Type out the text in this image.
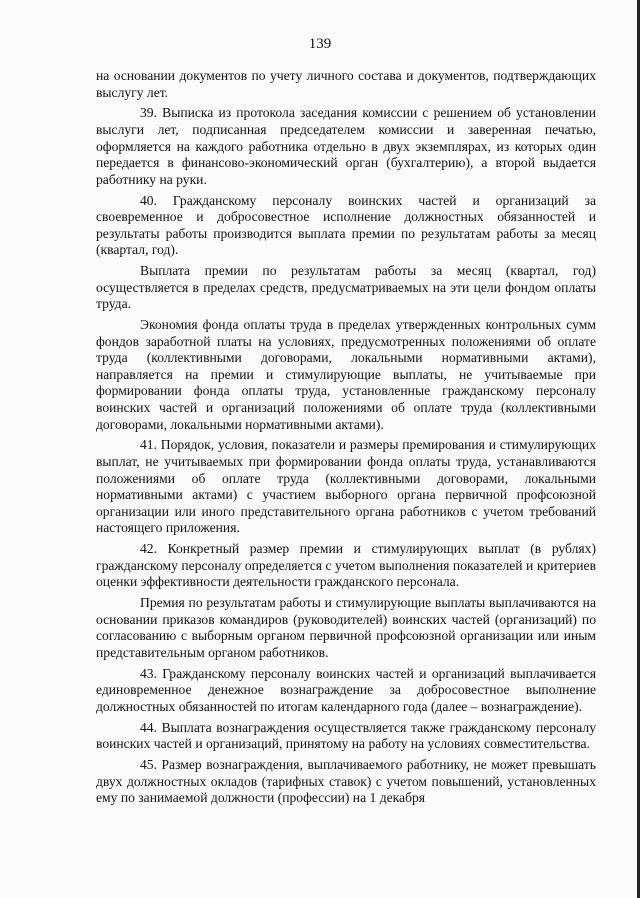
139

на основании документов по учету личного состава и документов, подтверждающих выслугу лет.

39. Выписка из протокола заседания комиссии с решением об установлении выслуги лет, подписанная председателем комиссии и заверенная печатью, оформляется на каждого работника отдельно в двух экземплярах, из которых один передается в финансово-экономический орган (бухгалтерию), а второй выдается работнику на руки.

40. Гражданскому персоналу воинских частей и организаций за своевременное и добросовестное исполнение должностных обязанностей и результаты работы производится выплата премии по результатам работы за месяц (квартал, год).

Выплата премии по результатам работы за месяц (квартал, год) осуществляется в пределах средств, предусматриваемых на эти цели фондом оплаты труда.

Экономия фонда оплаты труда в пределах утвержденных контрольных сумм фондов заработной платы на условиях, предусмотренных положениями об оплате труда (коллективными договорами, локальными нормативными актами), направляется на премии и стимулирующие выплаты, не учитываемые при формировании фонда оплаты труда, установленные гражданскому персоналу воинских частей и организаций положениями об оплате труда (коллективными договорами, локальными нормативными актами).

41. Порядок, условия, показатели и размеры премирования и стимулирующих выплат, не учитываемых при формировании фонда оплаты труда, устанавливаются положениями об оплате труда (коллективными договорами, локальными нормативными актами) с участием выборного органа первичной профсоюзной организации или иного представительного органа работников с учетом требований настоящего приложения.

42. Конкретный размер премии и стимулирующих выплат (в рублях) гражданскому персоналу определяется с учетом выполнения показателей и критериев оценки эффективности деятельности гражданского персонала.

Премия по результатам работы и стимулирующие выплаты выплачиваются на основании приказов командиров (руководителей) воинских частей (организаций) по согласованию с выборным органом первичной профсоюзной организации или иным представительным органом работников.

43. Гражданскому персоналу воинских частей и организаций выплачивается единовременное денежное вознаграждение за добросовестное выполнение должностных обязанностей по итогам календарного года (далее – вознаграждение).

44. Выплата вознаграждения осуществляется также гражданскому персоналу воинских частей и организаций, принятому на работу на условиях совместительства.

45. Размер вознаграждения, выплачиваемого работнику, не может превышать двух должностных окладов (тарифных ставок) с учетом повышений, установленных ему по занимаемой должности (профессии) на 1 декабря
